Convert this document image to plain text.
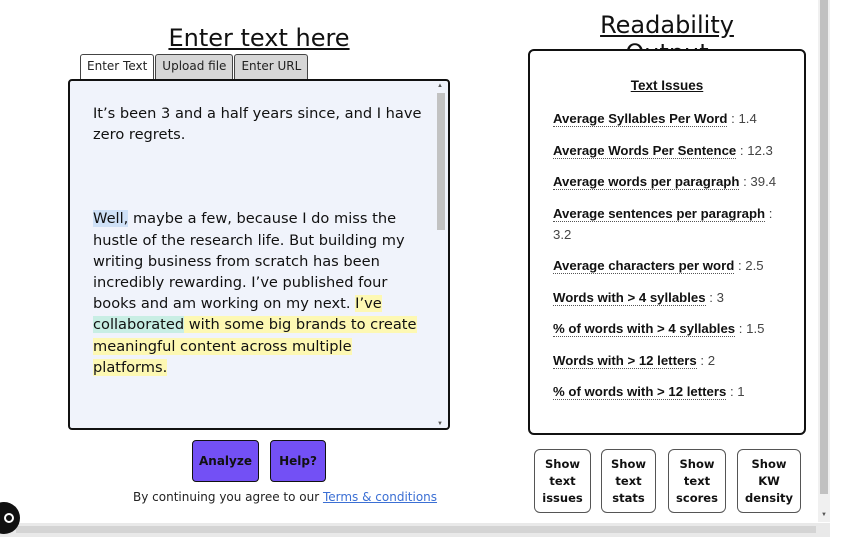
Enter text here
Enter Text	Upload file	Enter URL

It’s been 3 and a half years since, and I have zero regrets.

Well, maybe a few, because I do miss the hustle of the research life. But building my writing business from scratch has been incredibly rewarding. I’ve published four books and am working on my next. I’ve collaborated with some big brands to create meaningful content across multiple platforms.

▲
▼
Analyze	Help?
By continuing you agree to our Terms & conditions
Readability
Text Issues
Average Syllables Per Word : 1.4
Average Words Per Sentence : 12.3
Average words per paragraph : 39.4
Average sentences per paragraph : 3.2
Average characters per word : 2.5
Words with > 4 syllables : 3
% of words with > 4 syllables : 1.5
Words with > 12 letters : 2
% of words with > 12 letters : 1
Show text issues
Show text stats
Show text scores
Show KW density
▼
